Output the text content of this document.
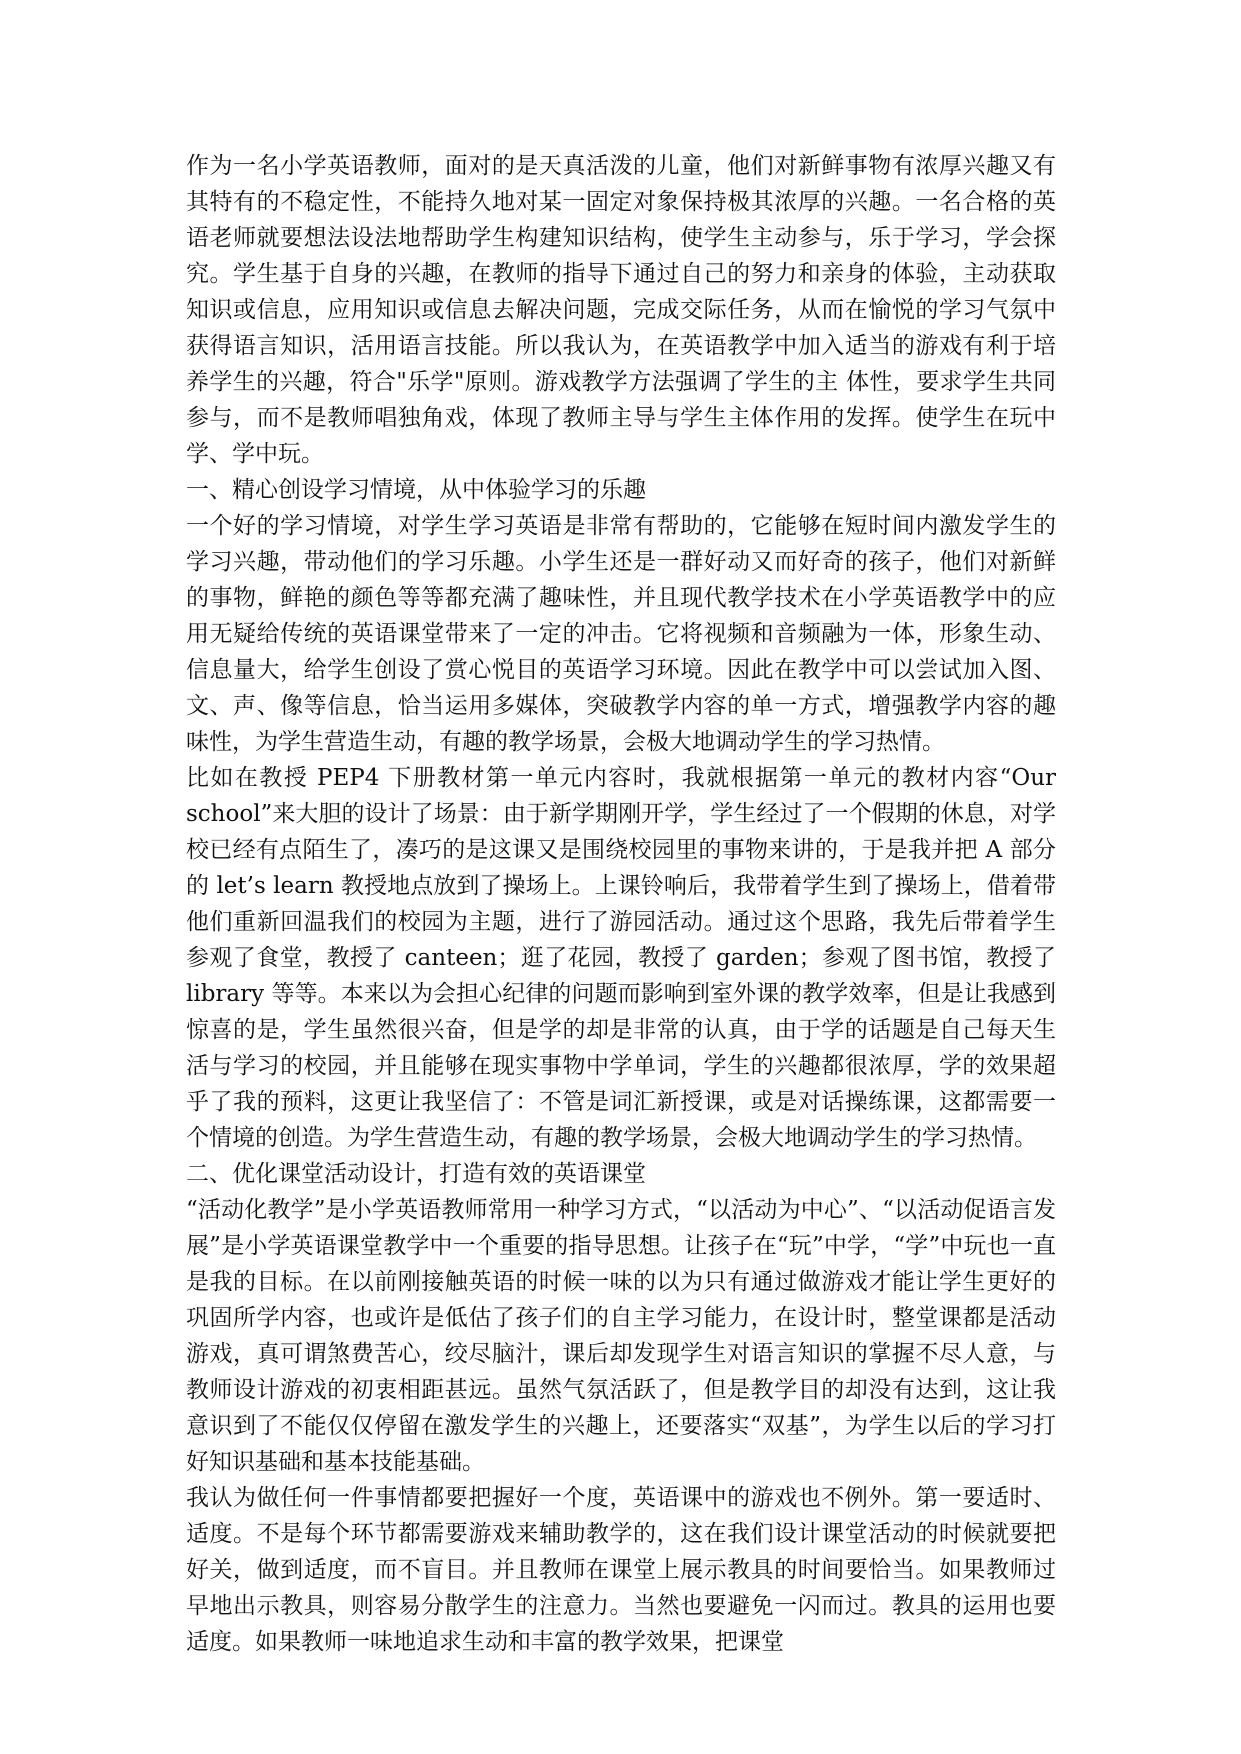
作为一名小学英语教师，面对的是天真活泼的儿童，他们对新鲜事物有浓厚兴趣又有其特有的不稳定性，不能持久地对某一固定对象保持极其浓厚的兴趣。一名合格的英语老师就要想法设法地帮助学生构建知识结构，使学生主动参与，乐于学习，学会探究。学生基于自身的兴趣，在教师的指导下通过自己的努力和亲身的体验，主动获取知识或信息，应用知识或信息去解决问题，完成交际任务，从而在愉悦的学习气氛中获得语言知识，活用语言技能。所以我认为，在英语教学中加入适当的游戏有利于培养学生的兴趣，符合"乐学"原则。游戏教学方法强调了学生的主 体性，要求学生共同参与，而不是教师唱独角戏，体现了教师主导与学生主体作用的发挥。使学生在玩中学、学中玩。

一、精心创设学习情境，从中体验学习的乐趣

一个好的学习情境，对学生学习英语是非常有帮助的，它能够在短时间内激发学生的学习兴趣，带动他们的学习乐趣。小学生还是一群好动又而好奇的孩子，他们对新鲜的事物，鲜艳的颜色等等都充满了趣味性，并且现代教学技术在小学英语教学中的应用无疑给传统的英语课堂带来了一定的冲击。它将视频和音频融为一体，形象生动、信息量大，给学生创设了赏心悦目的英语学习环境。因此在教学中可以尝试加入图、文、声、像等信息，恰当运用多媒体，突破教学内容的单一方式，增强教学内容的趣味性，为学生营造生动，有趣的教学场景，会极大地调动学生的学习热情。

比如在教授 PEP4 下册教材第一单元内容时，我就根据第一单元的教材内容“Our school”来大胆的设计了场景：由于新学期刚开学，学生经过了一个假期的休息，对学校已经有点陌生了，凑巧的是这课又是围绕校园里的事物来讲的，于是我并把 A 部分的 let’s learn 教授地点放到了操场上。上课铃响后，我带着学生到了操场上，借着带他们重新回温我们的校园为主题，进行了游园活动。通过这个思路，我先后带着学生参观了食堂，教授了 canteen；逛了花园，教授了 garden；参观了图书馆，教授了 library 等等。本来以为会担心纪律的问题而影响到室外课的教学效率，但是让我感到惊喜的是，学生虽然很兴奋，但是学的却是非常的认真，由于学的话题是自己每天生活与学习的校园，并且能够在现实事物中学单词，学生的兴趣都很浓厚，学的效果超乎了我的预料，这更让我坚信了：不管是词汇新授课，或是对话操练课，这都需要一个情境的创造。为学生营造生动，有趣的教学场景，会极大地调动学生的学习热情。

二、优化课堂活动设计，打造有效的英语课堂

“活动化教学”是小学英语教师常用一种学习方式，“以活动为中心”、“以活动促语言发展”是小学英语课堂教学中一个重要的指导思想。让孩子在“玩”中学，“学”中玩也一直是我的目标。在以前刚接触英语的时候一味的以为只有通过做游戏才能让学生更好的巩固所学内容，也或许是低估了孩子们的自主学习能力，在设计时，整堂课都是活动游戏，真可谓煞费苦心，绞尽脑汁，课后却发现学生对语言知识的掌握不尽人意，与教师设计游戏的初衷相距甚远。虽然气氛活跃了，但是教学目的却没有达到，这让我意识到了不能仅仅停留在激发学生的兴趣上，还要落实“双基”，为学生以后的学习打好知识基础和基本技能基础。

我认为做任何一件事情都要把握好一个度，英语课中的游戏也不例外。第一要适时、适度。不是每个环节都需要游戏来辅助教学的，这在我们设计课堂活动的时候就要把好关，做到适度，而不盲目。并且教师在课堂上展示教具的时间要恰当。如果教师过早地出示教具，则容易分散学生的注意力。当然也要避免一闪而过。教具的运用也要适度。如果教师一味地追求生动和丰富的教学效果，把课堂
